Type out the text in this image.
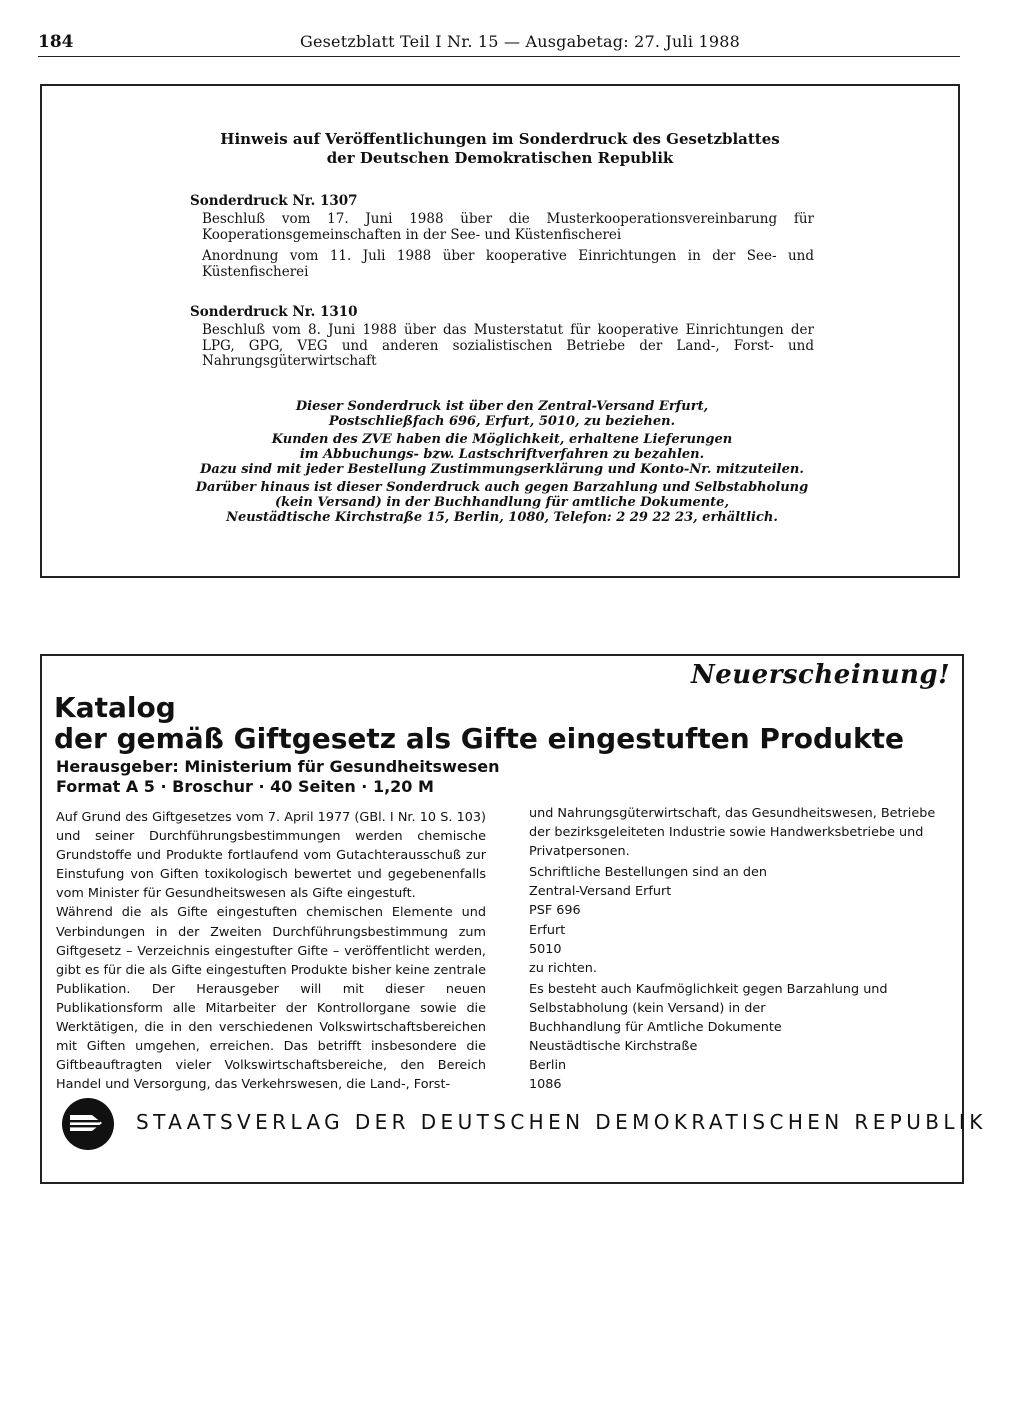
184	Gesetzblatt Teil I Nr. 15 — Ausgabetag: 27. Juli 1988
Hinweis auf Veröffentlichungen im Sonderdruck des Gesetzblattes
der Deutschen Demokratischen Republik
Sonderdruck Nr. 1307
Beschluß vom 17. Juni 1988 über die Musterkooperationsvereinbarung für Kooperationsgemeinschaften in der See- und Küstenfischerei
Anordnung vom 11. Juli 1988 über kooperative Einrichtungen in der See- und Küstenfischerei
Sonderdruck Nr. 1310
Beschluß vom 8. Juni 1988 über das Musterstatut für kooperative Einrichtungen der LPG, GPG, VEG und anderen sozialistischen Betriebe der Land-, Forst- und Nahrungsgüterwirtschaft

Dieser Sonderdruck ist über den Zentral-Versand Erfurt,
Postschließfach 696, Erfurt, 5010, zu beziehen.

Kunden des ZVE haben die Möglichkeit, erhaltene Lieferungen
im Abbuchungs- bzw. Lastschriftverfahren zu bezahlen.
Dazu sind mit jeder Bestellung Zustimmungserklärung und Konto-Nr. mitzuteilen.

Darüber hinaus ist dieser Sonderdruck auch gegen Barzahlung und Selbstabholung
(kein Versand) in der Buchhandlung für amtliche Dokumente,
Neustädtische Kirchstraße 15, Berlin, 1080, Telefon: 2 29 22 23, erhältlich.

Neuerscheinung!
Katalog
der gemäß Giftgesetz als Gifte eingestuften Produkte
Herausgeber: Ministerium für Gesundheitswesen
Format A 5 · Broschur · 40 Seiten · 1,20 M

Auf Grund des Giftgesetzes vom 7. April 1977 (GBl. I Nr. 10 S. 103) und seiner Durchführungsbestimmungen werden chemische Grundstoffe und Produkte fortlaufend vom Gutachterausschuß zur Einstufung von Giften toxikologisch bewertet und gegebenenfalls vom Minister für Gesundheitswesen als Gifte eingestuft.

Während die als Gifte eingestuften chemischen Elemente und Verbindungen in der Zweiten Durchführungsbestimmung zum Giftgesetz – Verzeichnis eingestufter Gifte – veröffentlicht werden, gibt es für die als Gifte eingestuften Produkte bisher keine zentrale Publikation. Der Herausgeber will mit dieser neuen Publikationsform alle Mitarbeiter der Kontrollorgane sowie die Werktätigen, die in den verschiedenen Volkswirtschaftsbereichen mit Giften umgehen, erreichen. Das betrifft insbesondere die Giftbeauftragten vieler Volkswirtschaftsbereiche, den Bereich Handel und Versorgung, das Verkehrswesen, die Land-, Forst-

und Nahrungsgüterwirtschaft, das Gesundheitswesen, Betriebe der bezirksgeleiteten Industrie sowie Handwerksbetriebe und Privatpersonen.

Schriftliche Bestellungen sind an den

Zentral-Versand Erfurt

PSF 696

Erfurt

5010

zu richten.

Es besteht auch Kaufmöglichkeit gegen Barzahlung und Selbstabholung (kein Versand) in der

Buchhandlung für Amtliche Dokumente

Neustädtische Kirchstraße

Berlin

1086

STAATSVERLAG DER DEUTSCHEN DEMOKRATISCHEN REPUBLIK
